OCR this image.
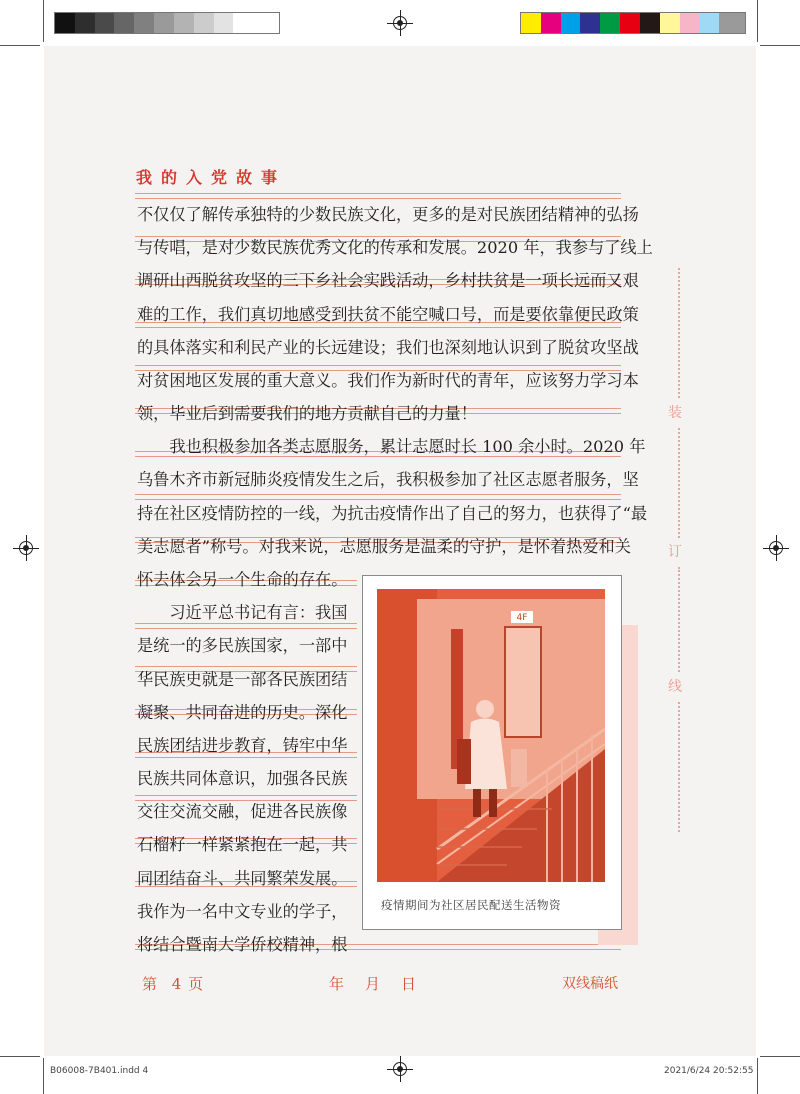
我的入党故事
不仅仅了解传承独特的少数民族文化，更多的是对民族团结精神的弘扬
与传唱，是对少数民族优秀文化的传承和发展。2020 年，我参与了线上
调研山西脱贫攻坚的三下乡社会实践活动，乡村扶贫是一项长远而又艰
难的工作，我们真切地感受到扶贫不能空喊口号，而是要依靠便民政策
的具体落实和利民产业的长远建设；我们也深刻地认识到了脱贫攻坚战
对贫困地区发展的重大意义。我们作为新时代的青年，应该努力学习本
领，毕业后到需要我们的地方贡献自己的力量！
　　我也积极参加各类志愿服务，累计志愿时长 100 余小时。2020 年
乌鲁木齐市新冠肺炎疫情发生之后，我积极参加了社区志愿者服务，坚
持在社区疫情防控的一线，为抗击疫情作出了自己的努力，也获得了“最
美志愿者”称号。对我来说，志愿服务是温柔的守护，是怀着热爱和关
怀去体会另一个生命的存在。
　　习近平总书记有言：我国
是统一的多民族国家，一部中
华民族史就是一部各民族团结
凝聚、共同奋进的历史。深化
民族团结进步教育，铸牢中华
民族共同体意识，加强各民族
交往交流交融，促进各民族像
石榴籽一样紧紧抱在一起，共
同团结奋斗、共同繁荣发展。
我作为一名中文专业的学子，
将结合暨南大学侨校精神，根
装
订
线
4F
疫情期间为社区居民配送生活物资
第 4 页	年 月 日	双线稿纸
B06008-7B401.indd 4	2021/6/24 20:52:55
